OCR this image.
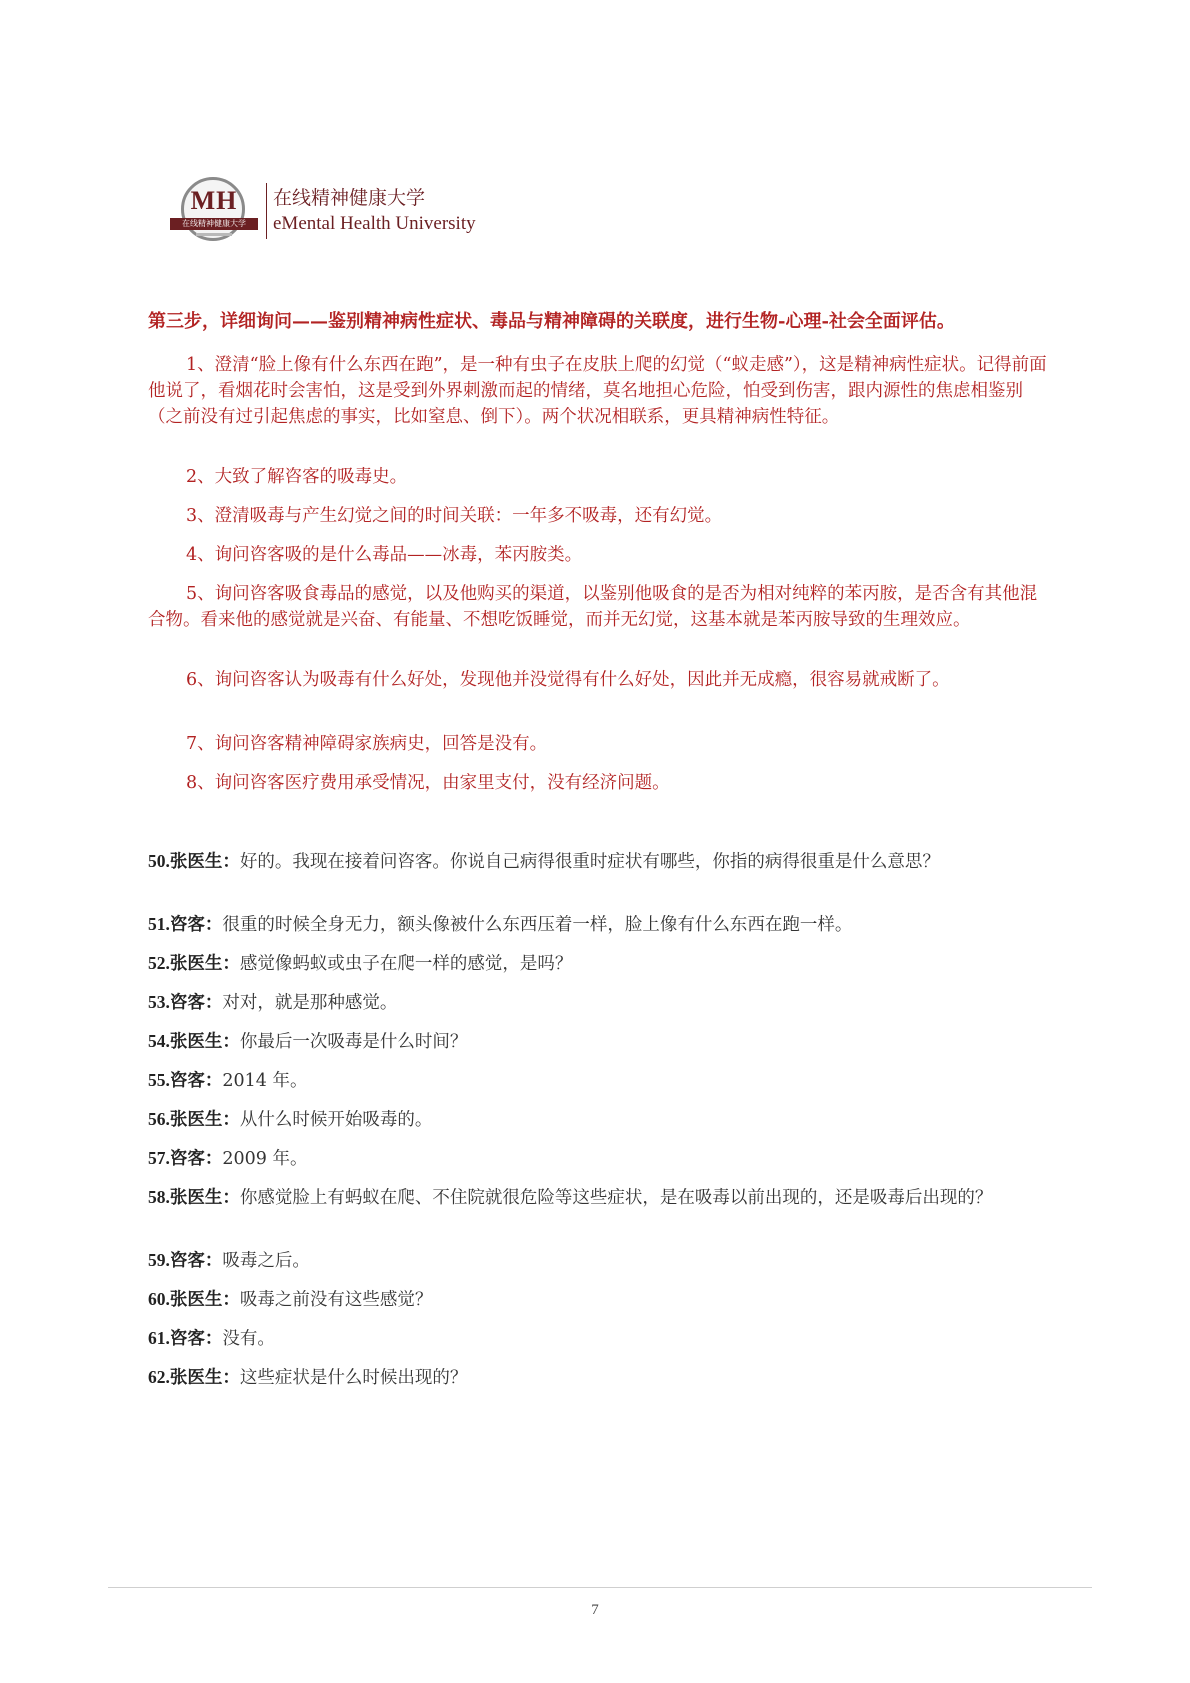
MH
在线精神健康大学
在线精神健康大学
eMental Health University
第三步，详细询问——鉴别精神病性症状、毒品与精神障碍的关联度，进行生物-心理-社会全面评估。

1、澄清“脸上像有什么东西在跑”，是一种有虫子在皮肤上爬的幻觉（“蚁走感”），这是精神病性症状。记得前面他说了，看烟花时会害怕，这是受到外界刺激而起的情绪，莫名地担心危险，怕受到伤害，跟内源性的焦虑相鉴别（之前没有过引起焦虑的事实，比如窒息、倒下）。两个状况相联系，更具精神病性特征。

2、大致了解咨客的吸毒史。

3、澄清吸毒与产生幻觉之间的时间关联：一年多不吸毒，还有幻觉。

4、询问咨客吸的是什么毒品——冰毒，苯丙胺类。

5、询问咨客吸食毒品的感觉，以及他购买的渠道，以鉴别他吸食的是否为相对纯粹的苯丙胺，是否含有其他混合物。看来他的感觉就是兴奋、有能量、不想吃饭睡觉，而并无幻觉，这基本就是苯丙胺导致的生理效应。

6、询问咨客认为吸毒有什么好处，发现他并没觉得有什么好处，因此并无成瘾，很容易就戒断了。

7、询问咨客精神障碍家族病史，回答是没有。

8、询问咨客医疗费用承受情况，由家里支付，没有经济问题。

50.张医生：好的。我现在接着问咨客。你说自己病得很重时症状有哪些，你指的病得很重是什么意思？

51.咨客：很重的时候全身无力，额头像被什么东西压着一样，脸上像有什么东西在跑一样。

52.张医生：感觉像蚂蚁或虫子在爬一样的感觉，是吗？

53.咨客：对对，就是那种感觉。

54.张医生：你最后一次吸毒是什么时间？

55.咨客：2014 年。

56.张医生：从什么时候开始吸毒的。

57.咨客：2009 年。

58.张医生：你感觉脸上有蚂蚁在爬、不住院就很危险等这些症状，是在吸毒以前出现的，还是吸毒后出现的？

59.咨客：吸毒之后。

60.张医生：吸毒之前没有这些感觉？

61.咨客：没有。

62.张医生：这些症状是什么时候出现的？

7
